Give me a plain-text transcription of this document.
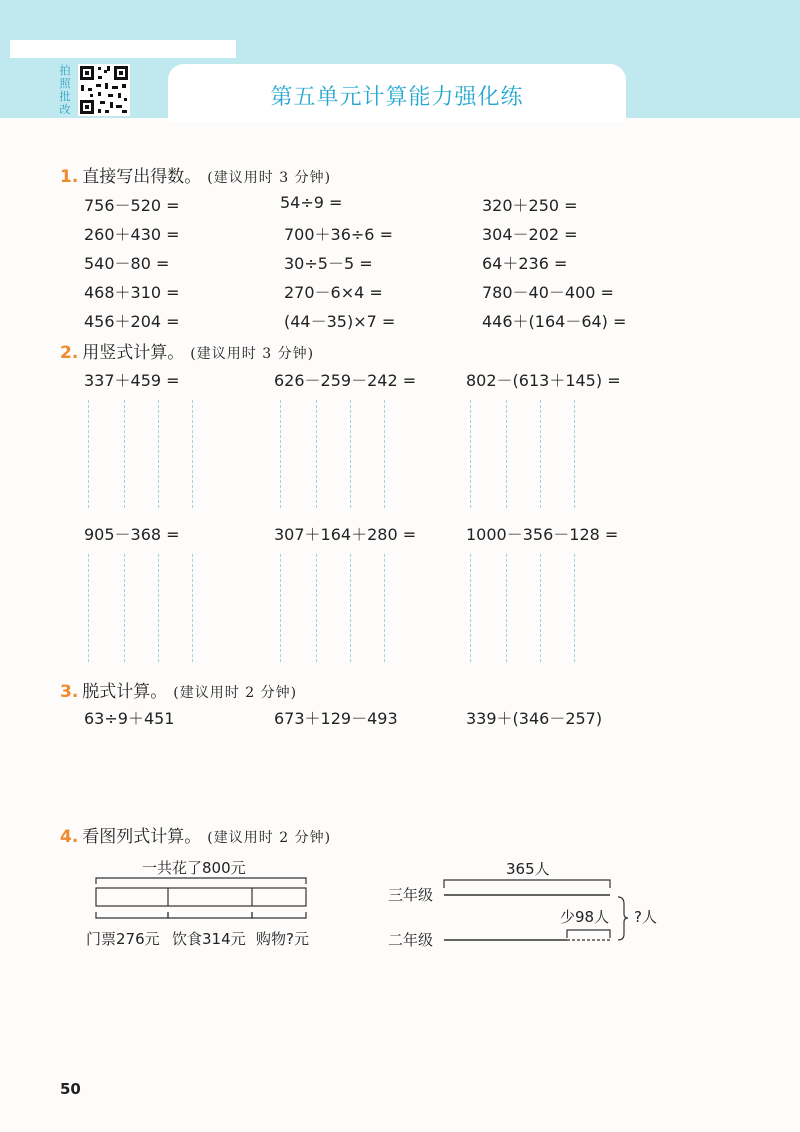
拍
照
批
改	第五单元计算能力强化练
1. 直接写出得数。 (建议用时 3 分钟)
756－520 =	54÷9 =	320＋250 =
260＋430 =	700＋36÷6 =	304－202 =
540－80 =	30÷5－5 =	64＋236 =
468＋310 =	270－6×4 =	780－40－400 =
456＋204 =	(44－35)×7 =	446＋(164－64) =
2. 用竖式计算。 (建议用时 3 分钟)
337＋459 =	626－259－242 =	802－(613＋145) =
905－368 =	307＋164＋280 =	1000－356－128 =
3. 脱式计算。 (建议用时 2 分钟)
63÷9＋451	673＋129－493	339＋(346－257)
4. 看图列式计算。 (建议用时 2 分钟)
一共花了800元
门票276元 饮食314元 购物?元
365人
三年级
二年级
少98人 ?人
50
